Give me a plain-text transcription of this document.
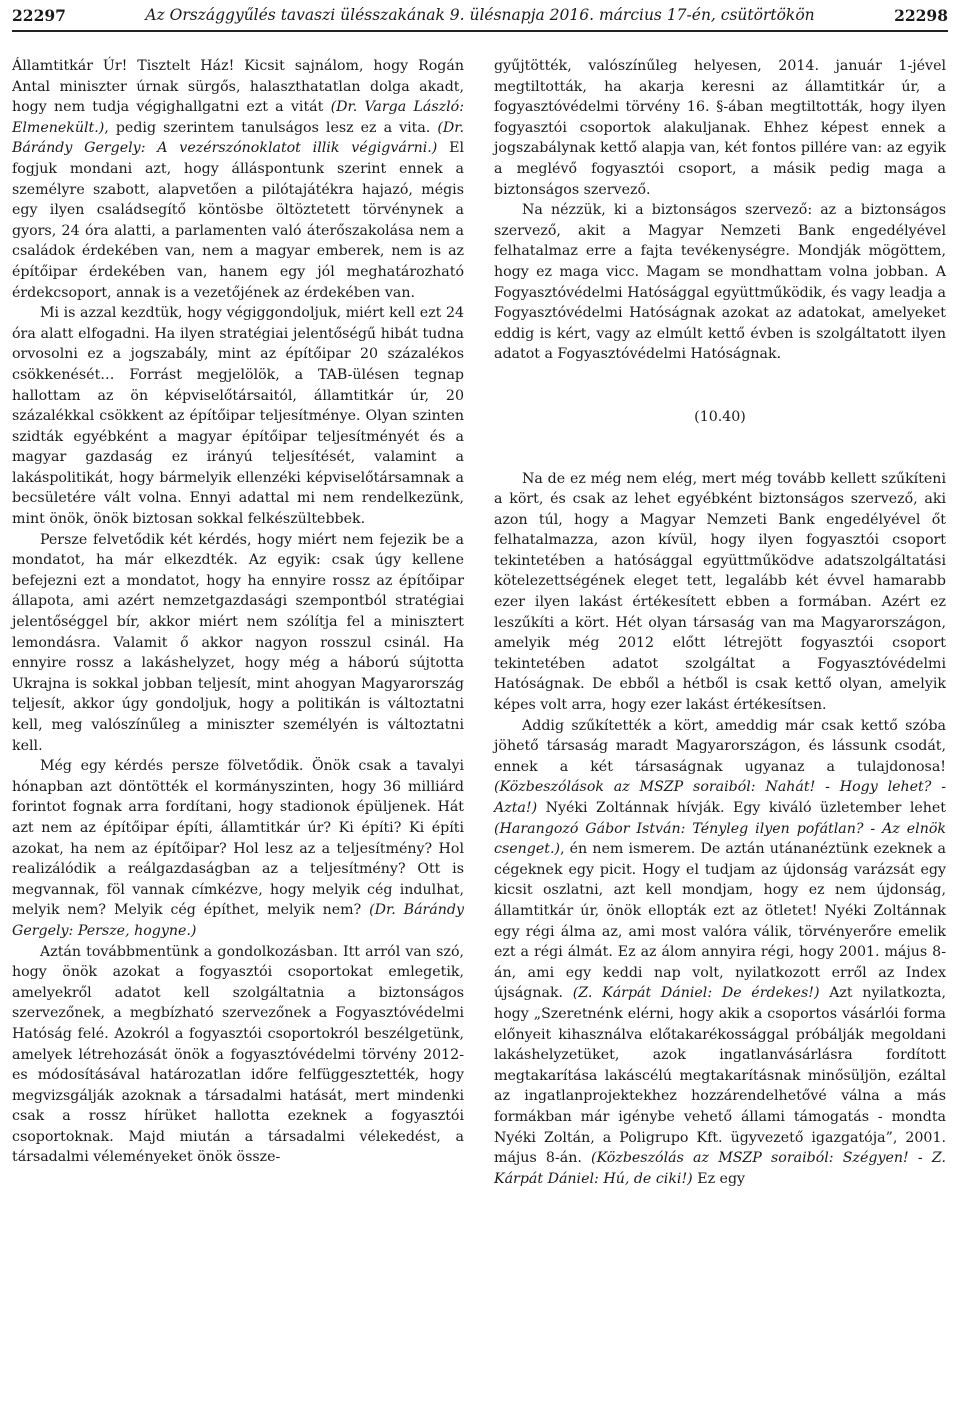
22297	Az Országgyűlés tavaszi ülésszakának 9. ülésnapja 2016. március 17-én, csütörtökön	22298

Államtitkár Úr! Tisztelt Ház! Kicsit sajnálom, hogy Rogán Antal miniszter úrnak sürgős, halaszthatatlan dolga akadt, hogy nem tudja végighallgatni ezt a vitát (Dr. Varga László: Elmenekült.), pedig szerintem tanulságos lesz ez a vita. (Dr. Bárándy Gergely: A vezérszónoklatot illik végigvárni.) El fogjuk mondani azt, hogy álláspontunk szerint ennek a személyre szabott, alapvetően a pilótajátékra hajazó, mégis egy ilyen családsegítő köntösbe öltöztetett törvénynek a gyors, 24 óra alatti, a parlamenten való áterőszakolása nem a családok érdekében van, nem a magyar emberek, nem is az építőipar érdekében van, hanem egy jól meghatározható érdekcsoport, annak is a vezetőjének az érdekében van.

Mi is azzal kezdtük, hogy végiggondoljuk, miért kell ezt 24 óra alatt elfogadni. Ha ilyen stratégiai jelentőségű hibát tudna orvosolni ez a jogszabály, mint az építőipar 20 százalékos csökkenését… Forrást megjelölök, a TAB-ülésen tegnap hallottam az ön képviselőtársaitól, államtitkár úr, 20 százalékkal csökkent az építőipar teljesítménye. Olyan szinten szidták egyébként a magyar építőipar teljesítményét és a magyar gazdaság ez irányú teljesítését, valamint a lakáspolitikát, hogy bármelyik ellenzéki képviselőtársamnak a becsületére vált volna. Ennyi adattal mi nem rendelkezünk, mint önök, önök biztosan sokkal felkészültebbek.

Persze felvetődik két kérdés, hogy miért nem fejezik be a mondatot, ha már elkezdték. Az egyik: csak úgy kellene befejezni ezt a mondatot, hogy ha ennyire rossz az építőipar állapota, ami azért nemzetgazdasági szempontból stratégiai jelentőséggel bír, akkor miért nem szólítja fel a minisztert lemondásra. Valamit ő akkor nagyon rosszul csinál. Ha ennyire rossz a lakáshelyzet, hogy még a háború sújtotta Ukrajna is sokkal jobban teljesít, mint ahogyan Magyarország teljesít, akkor úgy gondoljuk, hogy a politikán is változtatni kell, meg valószínűleg a miniszter személyén is változtatni kell.

Még egy kérdés persze fölvetődik. Önök csak a tavalyi hónapban azt döntötték el kormányszinten, hogy 36 milliárd forintot fognak arra fordítani, hogy stadionok épüljenek. Hát azt nem az építőipar építi, államtitkár úr? Ki építi? Ki építi azokat, ha nem az építőipar? Hol lesz az a teljesítmény? Hol realizálódik a reálgazdaságban az a teljesítmény? Ott is megvannak, föl vannak címkézve, hogy melyik cég indulhat, melyik nem? Melyik cég építhet, melyik nem? (Dr. Bárándy Gergely: Persze, hogyne.)

Aztán továbbmentünk a gondolkozásban. Itt arról van szó, hogy önök azokat a fogyasztói csoportokat emlegetik, amelyekről adatot kell szolgáltatnia a biztonságos szervezőnek, a megbízható szervezőnek a Fogyasztóvédelmi Hatóság felé. Azokról a fogyasztói csoportokról beszélgetünk, amelyek létrehozását önök a fogyasztóvédelmi törvény 2012-es módosításával határozatlan időre felfüggesztették, hogy megvizsgálják azoknak a társadalmi hatását, mert mindenki csak a rossz hírüket hallotta ezeknek a fogyasztói csoportoknak. Majd miután a társadalmi vélekedést, a társadalmi véleményeket önök össze-

gyűjtötték, valószínűleg helyesen, 2014. január 1-jével megtiltották, ha akarja keresni az államtitkár úr, a fogyasztóvédelmi törvény 16. §-ában megtiltották, hogy ilyen fogyasztói csoportok alakuljanak. Ehhez képest ennek a jogszabálynak kettő alapja van, két fontos pillére van: az egyik a meglévő fogyasztói csoport, a másik pedig maga a biztonságos szervező.

Na nézzük, ki a biztonságos szervező: az a biztonságos szervező, akit a Magyar Nemzeti Bank engedélyével felhatalmaz erre a fajta tevékenységre. Mondják mögöttem, hogy ez maga vicc. Magam se mondhattam volna jobban. A Fogyasztóvédelmi Hatósággal együttműködik, és vagy leadja a Fogyasztóvédelmi Hatóságnak azokat az adatokat, amelyeket eddig is kért, vagy az elmúlt kettő évben is szolgáltatott ilyen adatot a Fogyasztóvédelmi Hatóságnak.

(10.40)

Na de ez még nem elég, mert még tovább kellett szűkíteni a kört, és csak az lehet egyébként biztonságos szervező, aki azon túl, hogy a Magyar Nemzeti Bank engedélyével őt felhatalmazza, azon kívül, hogy ilyen fogyasztói csoport tekintetében a hatósággal együttműködve adatszolgáltatási kötelezettségének eleget tett, legalább két évvel hamarabb ezer ilyen lakást értékesített ebben a formában. Azért ez leszűkíti a kört. Hét olyan társaság van ma Magyarországon, amelyik még 2012 előtt létrejött fogyasztói csoport tekintetében adatot szolgáltat a Fogyasztóvédelmi Hatóságnak. De ebből a hétből is csak kettő olyan, amelyik képes volt arra, hogy ezer lakást értékesítsen.

Addig szűkítették a kört, ameddig már csak kettő szóba jöhető társaság maradt Magyarországon, és lássunk csodát, ennek a két társaságnak ugyanaz a tulajdonosa! (Közbeszólások az MSZP soraiból: Nahát! - Hogy lehet? - Azta!) Nyéki Zoltánnak hívják. Egy kiváló üzletember lehet (Harangozó Gábor István: Tényleg ilyen pofátlan? - Az elnök csenget.), én nem ismerem. De aztán utánanéztünk ezeknek a cégeknek egy picit. Hogy el tudjam az újdonság varázsát egy kicsit oszlatni, azt kell mondjam, hogy ez nem újdonság, államtitkár úr, önök ellopták ezt az ötletet! Nyéki Zoltánnak egy régi álma az, ami most valóra válik, törvényerőre emelik ezt a régi álmát. Ez az álom annyira régi, hogy 2001. május 8-án, ami egy keddi nap volt, nyilatkozott erről az Index újságnak. (Z. Kárpát Dániel: De érdekes!) Azt nyilatkozta, hogy „Szeretnénk elérni, hogy akik a csoportos vásárlói forma előnyeit kihasználva előtakarékossággal próbálják megoldani lakáshelyzetüket, azok ingatlanvásárlásra fordított megtakarítása lakáscélú megtakarításnak minősüljön, ezáltal az ingatlanprojektekhez hozzárendelhetővé válna a más formákban már igénybe vehető állami támogatás - mondta Nyéki Zoltán, a Poligrupo Kft. ügyvezető igazgatója”, 2001. május 8-án. (Közbeszólás az MSZP soraiból: Szégyen! - Z. Kárpát Dániel: Hú, de cikі!) Ez egy
